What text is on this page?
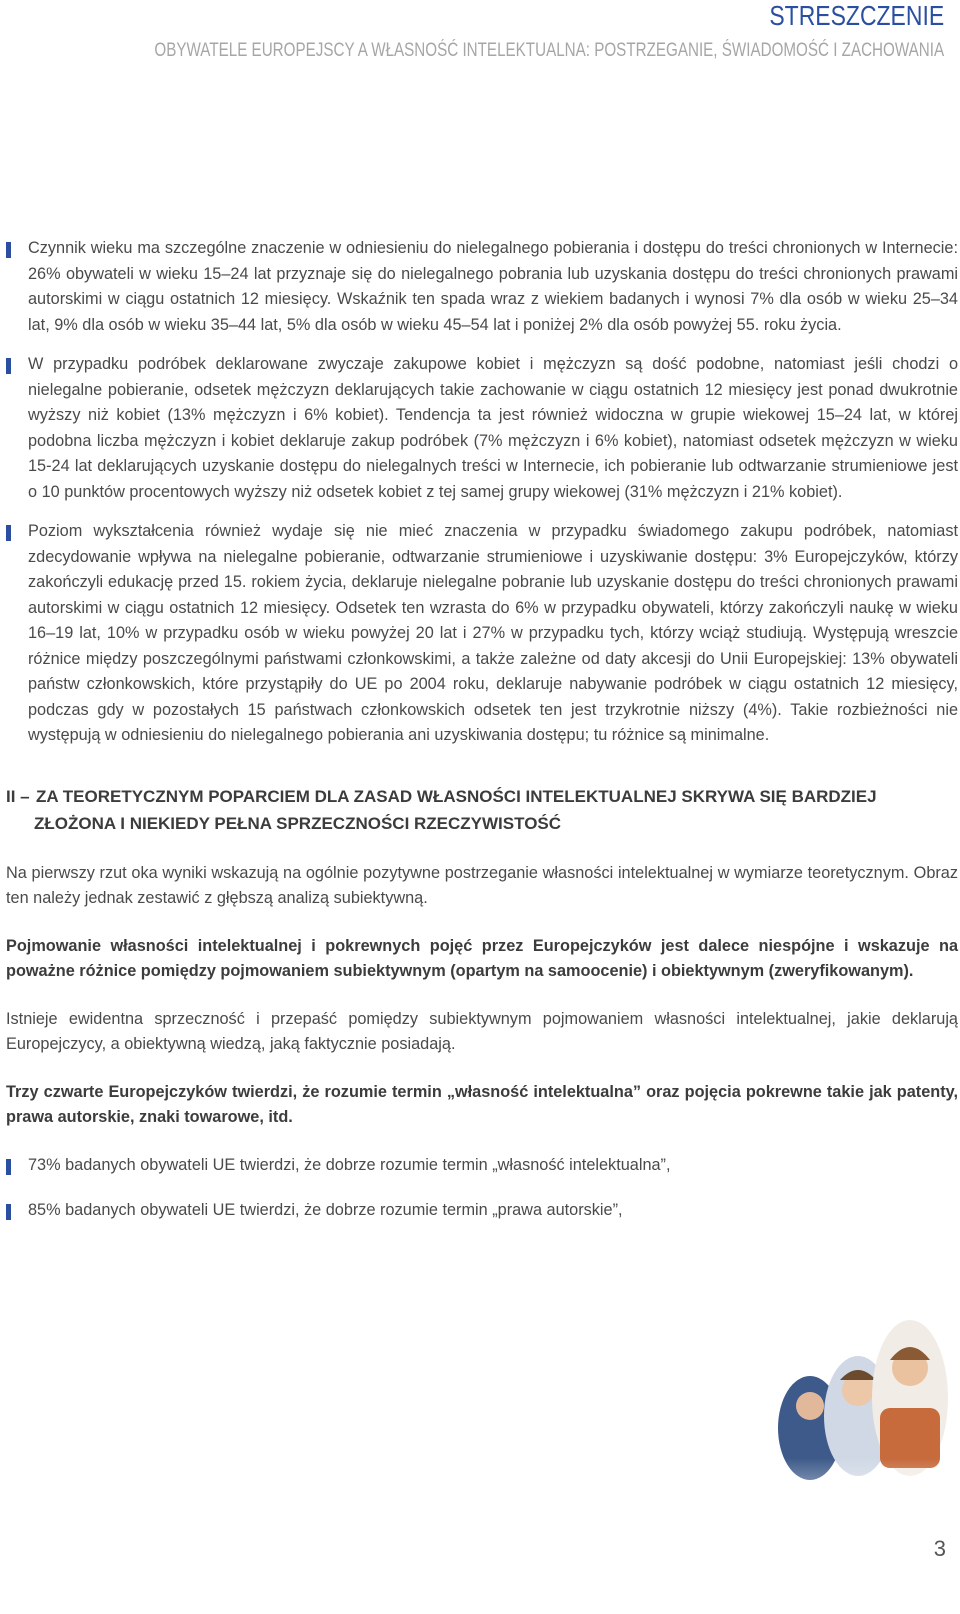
STRESZCZENIE
OBYWATELE EUROPEJSCY A WŁASNOŚĆ INTELEKTUALNA: POSTRZEGANIE, ŚWIADOMOŚĆ I ZACHOWANIA

Czynnik wieku ma szczególne znaczenie w odniesieniu do nielegalnego pobierania i dostępu do treści chronionych w Internecie: 26% obywateli w wieku 15–24 lat przyznaje się do nielegalnego pobrania lub uzyskania dostępu do treści chronionych prawami autorskimi w ciągu ostatnich 12 miesięcy. Wskaźnik ten spada wraz z wiekiem badanych i wynosi 7% dla osób w wieku 25–34 lat, 9% dla osób w wieku 35–44 lat, 5% dla osób w wieku 45–54 lat i poniżej 2% dla osób powyżej 55. roku życia.

W przypadku podróbek deklarowane zwyczaje zakupowe kobiet i mężczyzn są dość podobne, natomiast jeśli chodzi o nielegalne pobieranie, odsetek mężczyzn deklarujących takie zachowanie w ciągu ostatnich 12 miesięcy jest ponad dwukrotnie wyższy niż kobiet (13% mężczyzn i 6% kobiet). Tendencja ta jest również widoczna w grupie wiekowej 15–24 lat, w której podobna liczba mężczyzn i kobiet deklaruje zakup podróbek (7% mężczyzn i 6% kobiet), natomiast odsetek mężczyzn w wieku 15-24 lat deklarujących uzyskanie dostępu do nielegalnych treści w Internecie, ich pobieranie lub odtwarzanie strumieniowe jest o 10 punktów procentowych wyższy niż odsetek kobiet z tej samej grupy wiekowej (31% mężczyzn i 21% kobiet).

Poziom wykształcenia również wydaje się nie mieć znaczenia w przypadku świadomego zakupu podróbek, natomiast zdecydowanie wpływa na nielegalne pobieranie, odtwarzanie strumieniowe i uzyskiwanie dostępu: 3% Europejczyków, którzy zakończyli edukację przed 15. rokiem życia, deklaruje nielegalne pobranie lub uzyskanie dostępu do treści chronionych prawami autorskimi w ciągu ostatnich 12 miesięcy. Odsetek ten wzrasta do 6% w przypadku obywateli, którzy zakończyli naukę w wieku 16–19 lat, 10% w przypadku osób w wieku powyżej 20 lat i 27% w przypadku tych, którzy wciąż studiują. Występują wreszcie różnice między poszczególnymi państwami członkowskimi, a także zależne od daty akcesji do Unii Europejskiej: 13% obywateli państw członkowskich, które przystąpiły do UE po 2004 roku, deklaruje nabywanie podróbek w ciągu ostatnich 12 miesięcy, podczas gdy w pozostałych 15 państwach członkowskich odsetek ten jest trzykrotnie niższy (4%). Takie rozbieżności nie występują w odniesieniu do nielegalnego pobierania ani uzyskiwania dostępu; tu różnice są minimalne.

II – ZA TEORETYCZNYM POPARCIEM DLA ZASAD WŁASNOŚCI INTELEKTUALNEJ SKRYWA SIĘ BARDZIEJ
ZŁOŻONA I NIEKIEDY PEŁNA SPRZECZNOŚCI RZECZYWISTOŚĆ

Na pierwszy rzut oka wyniki wskazują na ogólnie pozytywne postrzeganie własności intelektualnej w wymiarze teoretycznym. Obraz ten należy jednak zestawić z głębszą analizą subiektywną.

Pojmowanie własności intelektualnej i pokrewnych pojęć przez Europejczyków jest dalece niespójne i wskazuje na poważne różnice pomiędzy pojmowaniem subiektywnym (opartym na samoocenie) i obiektywnym (zweryfikowanym).

Istnieje ewidentna sprzeczność i przepaść pomiędzy subiektywnym pojmowaniem własności intelektualnej, jakie deklarują Europejczycy, a obiektywną wiedzą, jaką faktycznie posiadają.

Trzy czwarte Europejczyków twierdzi, że rozumie termin „własność intelektualna” oraz pojęcia pokrewne takie jak patenty, prawa autorskie, znaki towarowe, itd.

73% badanych obywateli UE twierdzi, że dobrze rozumie termin „własność intelektualna”,

85% badanych obywateli UE twierdzi, że dobrze rozumie termin „prawa autorskie”,

3
